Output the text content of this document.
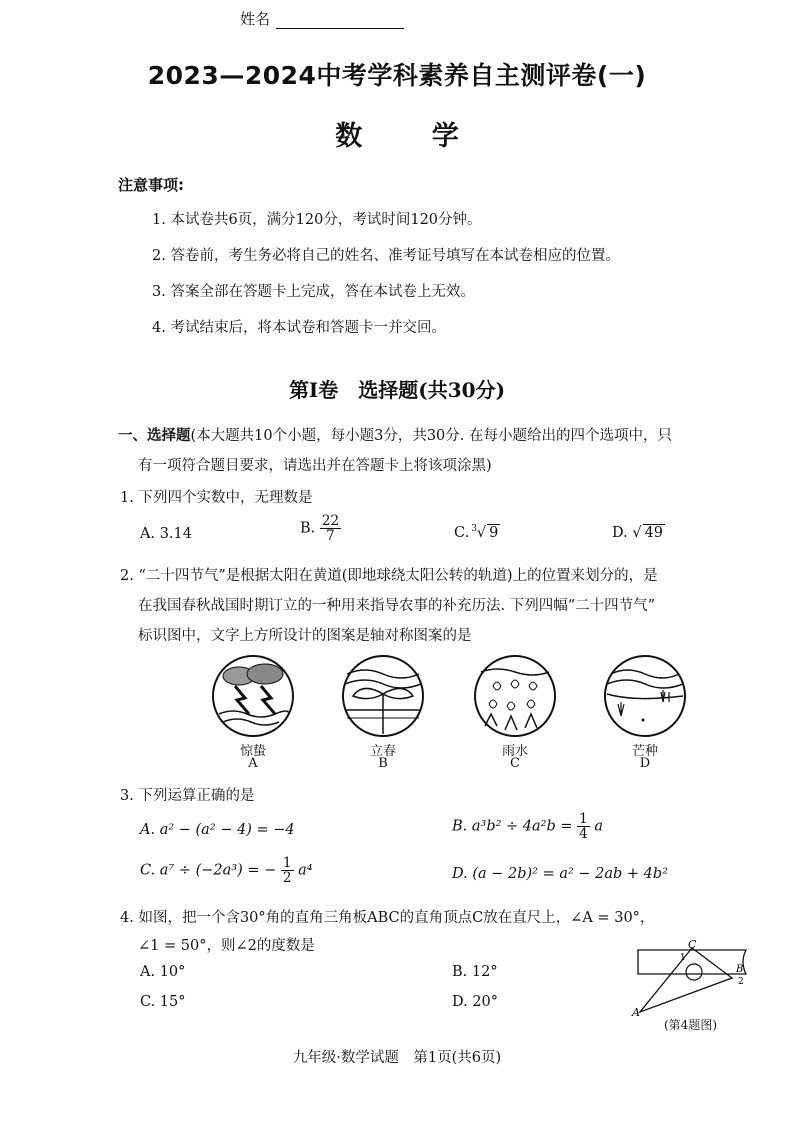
姓名
2023—2024中考学科素养自主测评卷(一)
数 学
注意事项:
1. 本试卷共6页，满分120分，考试时间120分钟。
2. 答卷前，考生务必将自己的姓名、准考证号填写在本试卷相应的位置。
3. 答案全部在答题卡上完成，答在本试卷上无效。
4. 考试结束后，将本试卷和答题卡一并交回。
第Ⅰ卷　选择题(共30分)
一、选择题(本大题共10个小题，每小题3分，共30分. 在每小题给出的四个选项中，只
有一项符合题目要求，请选出并在答题卡上将该项涂黑)
1. 下列四个实数中，无理数是
A. 3.14	B. $\frac{22}{7}$	C. $^3$√ 9	D. √ 49
2. “二十四节气”是根据太阳在黄道(即地球绕太阳公转的轨道)上的位置来划分的，是
在我国春秋战国时期订立的一种用来指导农事的补充历法. 下列四幅“二十四节气”
标识图中，文字上方所设计的图案是轴对称图案的是
惊蛰
A
立春
B
雨水
C
芒种
D
3. 下列运算正确的是
A. a² − (a² − 4) = −4	B. $a^3b^2 \div 4a^2b = \frac{1}{4}$ a
C. a⁷ ÷ (−2a³) = − $\frac{1}{2} a^4$	D. (a − 2b)² = a² − 2ab + 4b²
4. 如图，把一个含30°角的直角三角板ABC的直角顶点C放在直尺上，∠A = 30°，
∠1 = 50°，则∠2的度数是
A. 10°	B. 12°
C. 15°	D. 20°
C
1
B
2
A
(第4题图)
九年级·数学试题　第1页(共6页)
